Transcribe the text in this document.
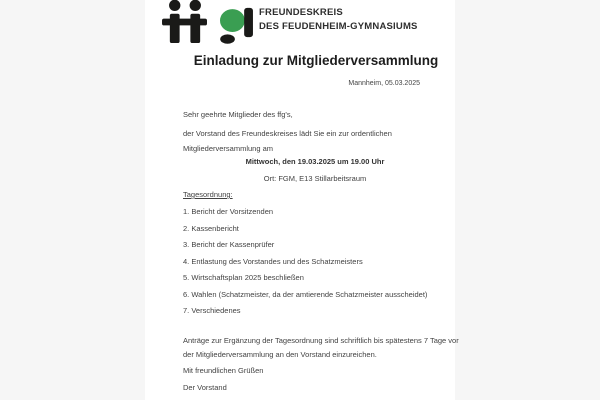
FREUNDESKREIS
DES FEUDENHEIM-GYMNASIUMS
Einladung zur Mitgliederversammlung
Mannheim, 05.03.2025
Sehr geehrte Mitglieder des ffg's,
der Vorstand des Freundeskreises lädt Sie ein zur ordentlichen
Mitgliederversammlung am
Mittwoch, den 19.03.2025 um 19.00 Uhr
Ort: FGM, E13 Stillarbeitsraum
Tagesordnung:
1. Bericht der Vorsitzenden
2. Kassenbericht
3. Bericht der Kassenprüfer
4. Entlastung des Vorstandes und des Schatzmeisters
5. Wirtschaftsplan 2025 beschließen
6. Wahlen (Schatzmeister, da der amtierende Schatzmeister ausscheidet)
7. Verschiedenes
Anträge zur Ergänzung der Tagesordnung sind schriftlich bis spätestens 7 Tage vor
der Mitgliederversammlung an den Vorstand einzureichen.
Mit freundlichen Grüßen
Der Vorstand
